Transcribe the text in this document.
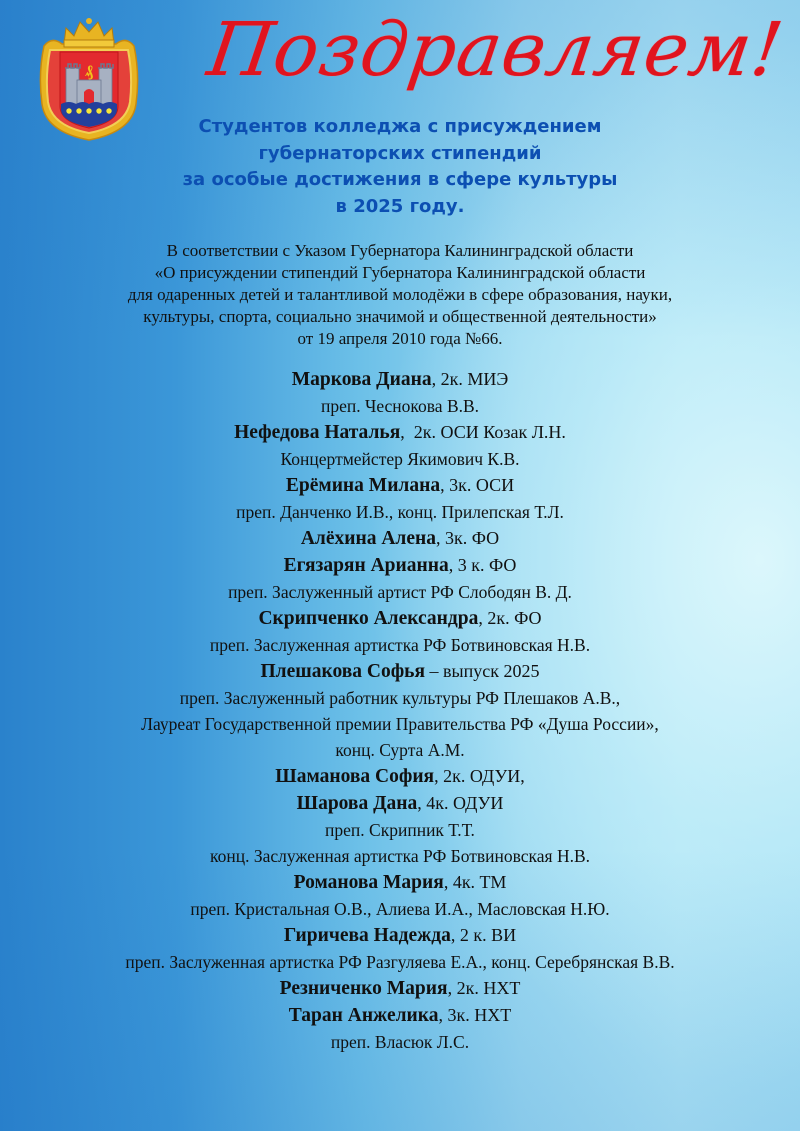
₰ Поздравляем!
Студентов колледжа с присуждением
губернаторских стипендий
за особые достижения в сфере культуры
в 2025 году.
В соответствии с Указом Губернатора Калининградской области
«О присуждении стипендий Губернатора Калининградской области
для одаренных детей и талантливой молодёжи в сфере образования, науки,
культуры, спорта, социально значимой и общественной деятельности»
от 19 апреля 2010 года №66.
Маркова Диана, 2к. МИЭ
преп. Чеснокова В.В.
Нефедова Наталья,  2к. ОСИ Козак Л.Н.
Концертмейстер Якимович К.В.
Ерёмина Милана, 3к. ОСИ
преп. Данченко И.В., конц. Прилепская Т.Л.
Алёхина Алена, 3к. ФО
Егязарян Арианна, 3 к. ФО
преп. Заслуженный артист РФ Слободян В. Д.
Скрипченко Александра, 2к. ФО
преп. Заслуженная артистка РФ Ботвиновская Н.В.
Плешакова Софья – выпуск 2025
преп. Заслуженный работник культуры РФ Плешаков А.В.,
Лауреат Государственной премии Правительства РФ «Душа России»,
конц. Сурта А.М.
Шаманова София, 2к. ОДУИ,
Шарова Дана, 4к. ОДУИ
преп. Скрипник Т.Т.
конц. Заслуженная артистка РФ Ботвиновская Н.В.
Романова Мария, 4к. ТМ
преп. Кристальная О.В., Алиева И.А., Масловская Н.Ю.
Гиричева Надежда, 2 к. ВИ
преп. Заслуженная артистка РФ Разгуляева Е.А., конц. Серебрянская В.В.
Резниченко Мария, 2к. НХТ
Таран Анжелика, 3к. НХТ
преп. Власюк Л.С.
